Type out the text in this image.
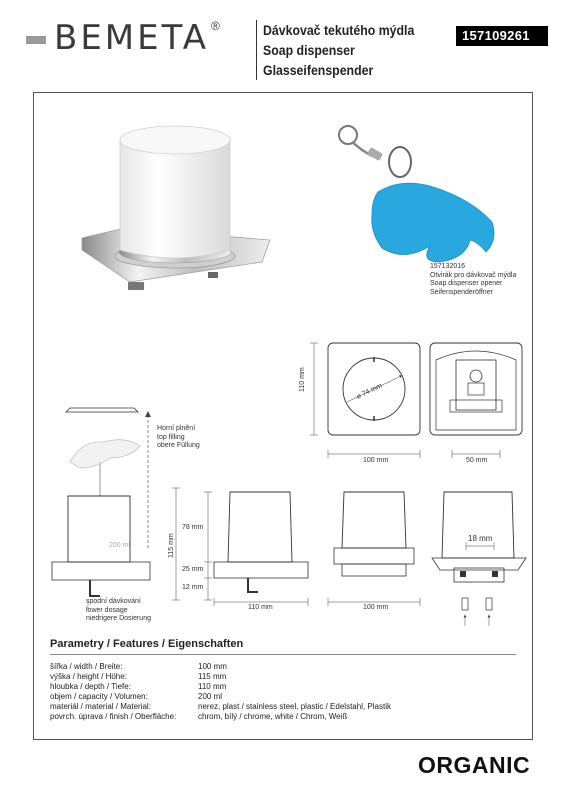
BEMETA ®	Dávkovač tekutého mýdla
Soap dispenser
Glasseifenspender
157109261
157132016
Otvirák pro dávkovač mýdla
Soap dispenser opener
Seifenspenderöffner
110 mm	⌀ 74 mm
100 mm	50 mm
Horní plnění
top filling
obere Füllung
200 ml
78 mm
115 mm
25 mm
12 mm
110 mm	100 mm
18 mm
spodní dávkování
lower dosage
niedrigere Dosierung
Parametry / Features / Eigenschaften
šířka / width / Breite:	100 mm
výška / height / Höhe:	115 mm
hloubka / depth / Tiefe:	110 mm
objem / capacity / Volumen:	200 ml
materiál / material / Material:	nerez, plast / stainless steel, plastic / Edelstahl, Plastik
povrch. úprava / finish / Oberfläche:	chrom, bílý / chrome, white / Chrom, Weiß
ORGANIC
